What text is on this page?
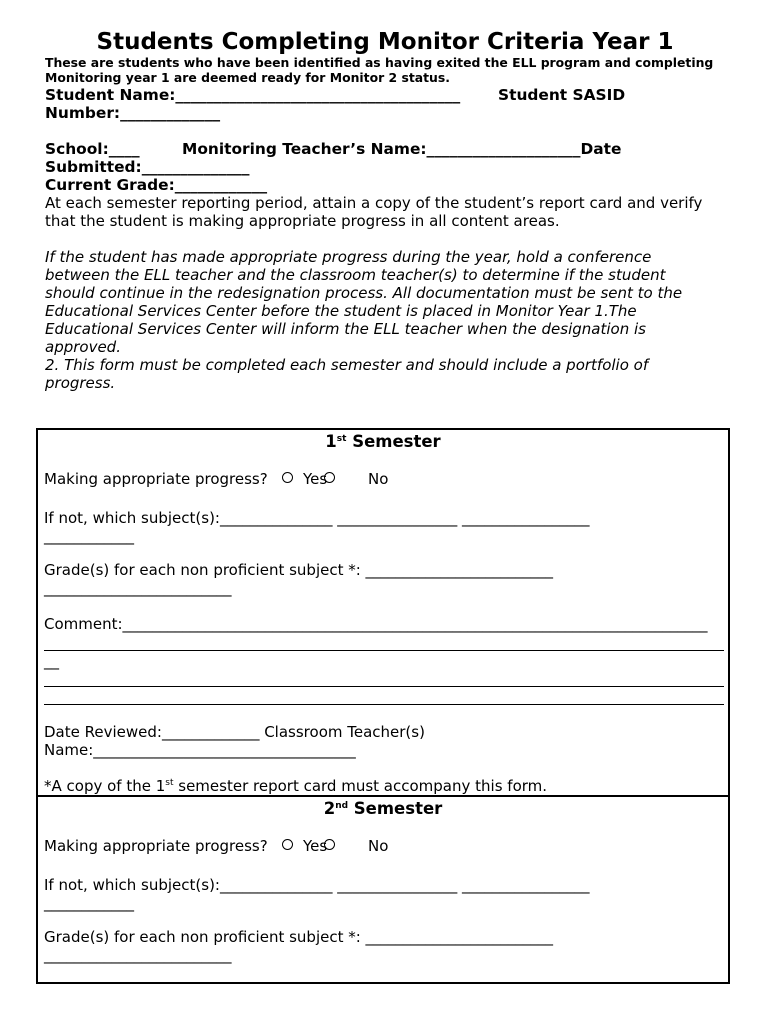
Students Completing Monitor Criteria Year 1
These are students who have been identified as having exited the ELL program and completing
Monitoring year 1 are deemed ready for Monitor 2 status.
Student Name:_____________________________________ Student SASID
Number:_____________
School:____	Monitoring Teacher’s Name:____________________Date
Submitted:______________
Current Grade:____________
At each semester reporting period, attain a copy of the student’s report card and verify
that the student is making appropriate progress in all content areas.
If the student has made appropriate progress during the year, hold a conference
between the ELL teacher and the classroom teacher(s) to determine if the student
should continue in the redesignation process. All documentation must be sent to the
Educational Services Center before the student is placed in Monitor Year 1.The
Educational Services Center will inform the ELL teacher when the designation is
approved.
2. This form must be completed each semester and should include a portfolio of
progress.
1st Semester
Making appropriate progress? Yes	No
If not, which subject(s):_______________ ________________ _________________
____________
Grade(s) for each non proficient subject *: _________________________
_________________________
Comment:______________________________________________________________________________
__
Date Reviewed:_____________ Classroom Teacher(s)
Name:___________________________________
*A copy of the 1st semester report card must accompany this form.
2nd Semester
Making appropriate progress? Yes	No
If not, which subject(s):_______________ ________________ _________________
____________
Grade(s) for each non proficient subject *: _________________________
_________________________
